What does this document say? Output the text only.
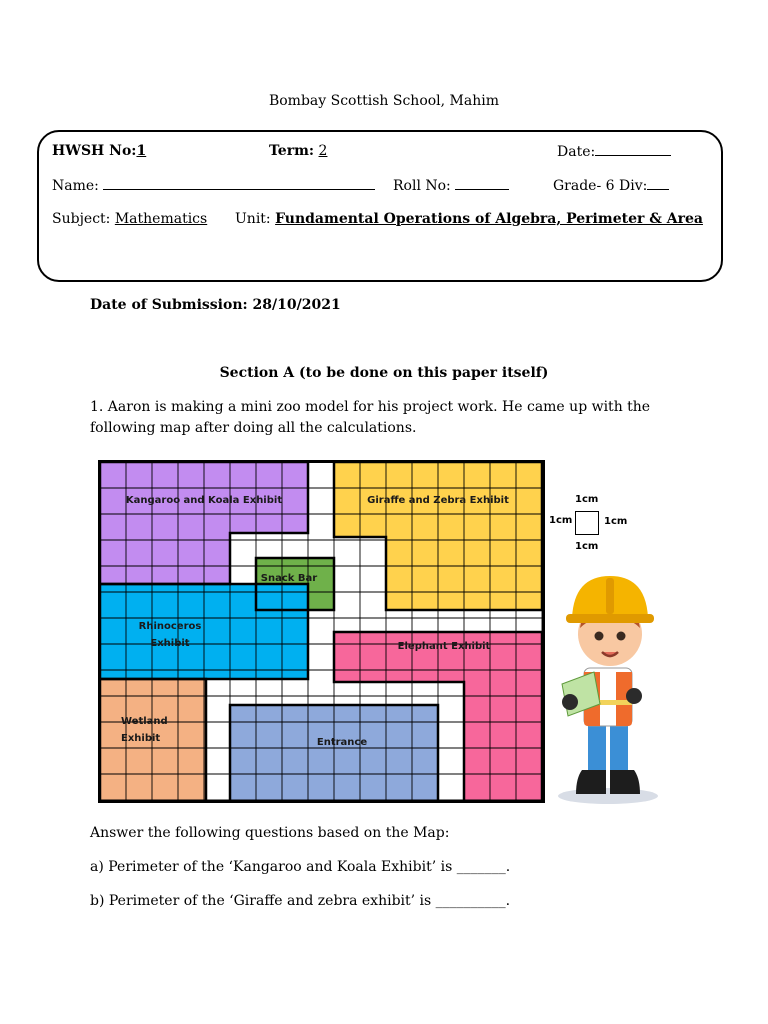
Bombay Scottish School, Mahim
HWSH No:1	Term: 2	Date:
Name:	Roll No:	Grade- 6 Div:
Subject: Mathematics Unit: Fundamental Operations of Algebra, Perimeter & Area
Date of Submission: 28/10/2021
Section A (to be done on this paper itself)
1. Aaron is making a mini zoo model for his project work. He came up with the
following map after doing all the calculations.
Kangaroo and Koala Exhibit	Giraffe and Zebra Exhibit
Snack Bar
Rhinoceros
Exhibit	Elephant Exhibit
Wetland
Exhibit	Entrance
1cm
1cm	1cm
1cm
Answer the following questions based on the Map:
a) Perimeter of the ‘Kangaroo and Koala Exhibit’ is _______.
b) Perimeter of the ‘Giraffe and zebra exhibit’ is __________.
